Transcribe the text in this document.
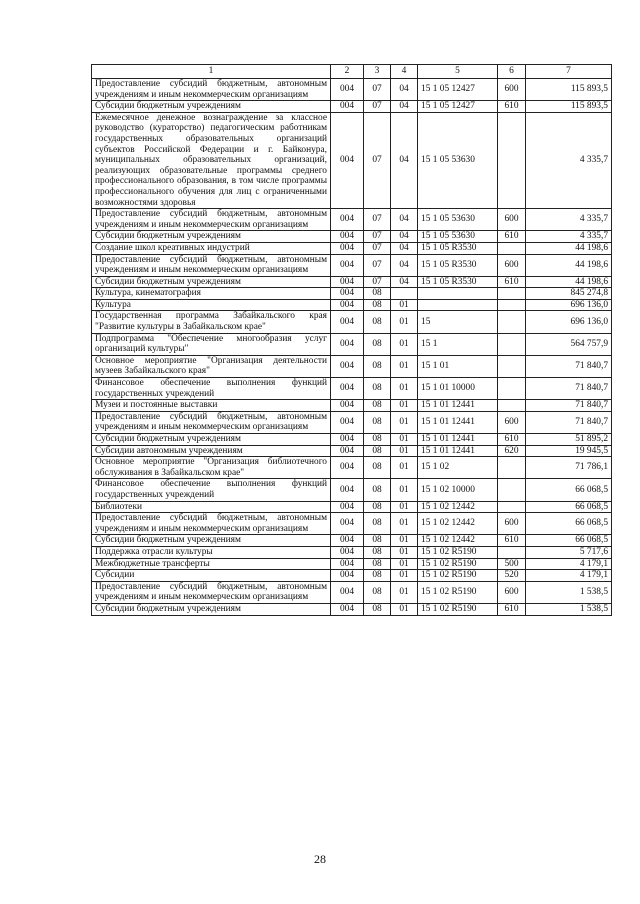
1	2	3	4	5	6	7
Предоставление субсидий бюджетным, автономным учреждениям и иным некоммерческим организациям	004	07	04	15 1 05 12427	600	115 893,5
Субсидии бюджетным учреждениям	004	07	04	15 1 05 12427	610	115 893,5
Ежемесячное денежное вознаграждение за классное руководство (кураторство) педагогическим работникам государственных образовательных организаций субъектов Российской Федерации и г. Байконура, муниципальных образовательных организаций, реализующих образовательные программы среднего профессионального образования, в том числе программы профессионального обучения для лиц с ограниченными возможностями здоровья	004	07	04	15 1 05 53630		4 335,7
Предоставление субсидий бюджетным, автономным учреждениям и иным некоммерческим организациям	004	07	04	15 1 05 53630	600	4 335,7
Субсидии бюджетным учреждениям	004	07	04	15 1 05 53630	610	4 335,7
Создание школ креативных индустрий	004	07	04	15 1 05 R3530		44 198,6
Предоставление субсидий бюджетным, автономным учреждениям и иным некоммерческим организациям	004	07	04	15 1 05 R3530	600	44 198,6
Субсидии бюджетным учреждениям	004	07	04	15 1 05 R3530	610	44 198,6
Культура, кинематография	004	08				845 274,8
Культура	004	08	01			696 136,0
Государственная программа Забайкальского края "Развитие культуры в Забайкальском крае"	004	08	01	15		696 136,0
Подпрограмма "Обеспечение многообразия услуг организаций культуры"	004	08	01	15 1		564 757,9
Основное мероприятие "Организация деятельности музеев Забайкальского края"	004	08	01	15 1 01		71 840,7
Финансовое обеспечение выполнения функций государственных учреждений	004	08	01	15 1 01 10000		71 840,7
Музеи и постоянные выставки	004	08	01	15 1 01 12441		71 840,7
Предоставление субсидий бюджетным, автономным учреждениям и иным некоммерческим организациям	004	08	01	15 1 01 12441	600	71 840,7
Субсидии бюджетным учреждениям	004	08	01	15 1 01 12441	610	51 895,2
Субсидии автономным учреждениям	004	08	01	15 1 01 12441	620	19 945,5
Основное мероприятие "Организация библиотечного обслуживания в Забайкальском крае"	004	08	01	15 1 02		71 786,1
Финансовое обеспечение выполнения функций государственных учреждений	004	08	01	15 1 02 10000		66 068,5
Библиотеки	004	08	01	15 1 02 12442		66 068,5
Предоставление субсидий бюджетным, автономным учреждениям и иным некоммерческим организациям	004	08	01	15 1 02 12442	600	66 068,5
Субсидии бюджетным учреждениям	004	08	01	15 1 02 12442	610	66 068,5
Поддержка отрасли культуры	004	08	01	15 1 02 R5190		5 717,6
Межбюджетные трансферты	004	08	01	15 1 02 R5190	500	4 179,1
Субсидии	004	08	01	15 1 02 R5190	520	4 179,1
Предоставление субсидий бюджетным, автономным учреждениям и иным некоммерческим организациям	004	08	01	15 1 02 R5190	600	1 538,5
Субсидии бюджетным учреждениям	004	08	01	15 1 02 R5190	610	1 538,5
28
